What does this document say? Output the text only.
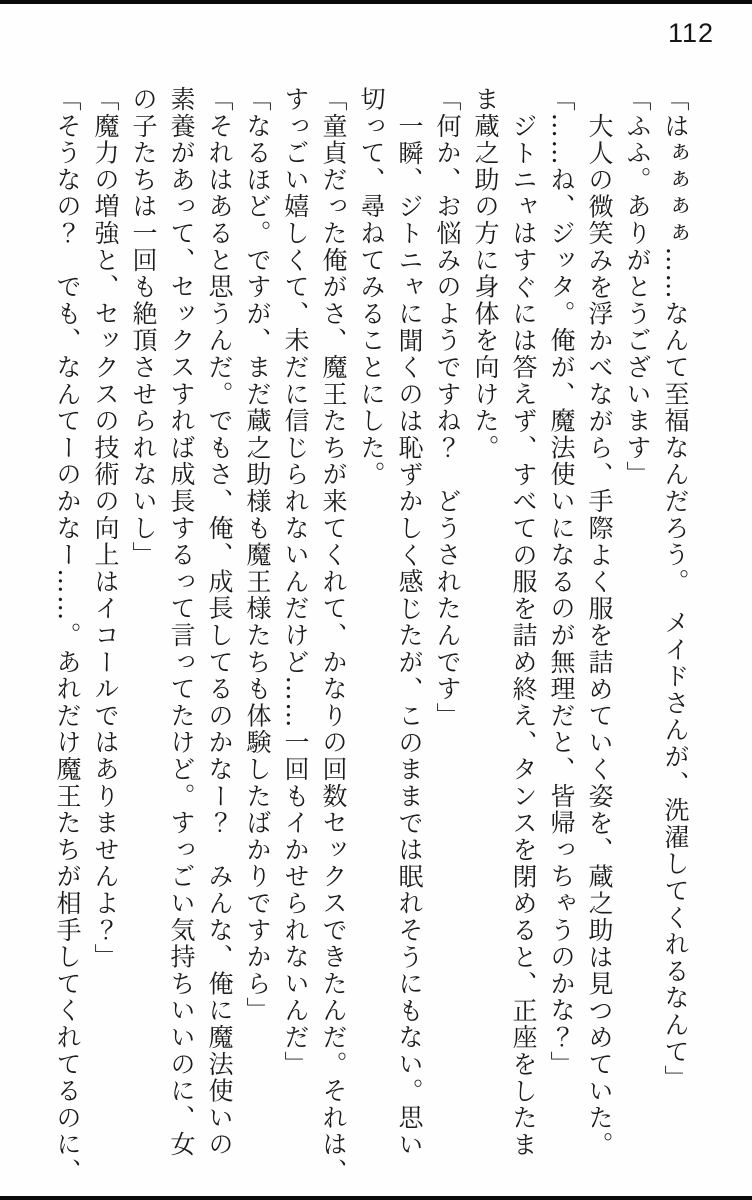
112
「はぁぁぁぁ……なんて至福なんだろう。　メイドさんが、洗濯してくれるなんて」
「ふふ。ありがとうございます」
大人の微笑みを浮かべながら、手際よく服を詰めていく姿を、蔵之助は見つめていた。
「……ね、ジッタ。俺が、魔法使いになるのが無理だと、皆帰っちゃうのかな？」
ジトニャはすぐには答えず、すべての服を詰め終え、タンスを閉めると、正座をしたま
ま蔵之助の方に身体を向けた。
「何か、お悩みのようですね？　どうされたんです」
一瞬、ジトニャに聞くのは恥ずかしく感じたが、このままでは眠れそうにもない。思い
切って、尋ねてみることにした。
「童貞だった俺がさ、魔王たちが来てくれて、かなりの回数セックスできたんだ。それは、
すっごい嬉しくて、未だに信じられないんだけど……一回もイかせられないんだ」
「なるほど。ですが、まだ蔵之助様も魔王様たちも体験したばかりですから」
「それはあると思うんだ。でもさ、俺、成長してるのかなー？　みんな、俺に魔法使いの
素養があって、セックスすれば成長するって言ってたけど。すっごい気持ちいいのに、女
の子たちは一回も絶頂させられないし」
「魔力の増強と、セックスの技術の向上はイコールではありませんよ？」
「そうなの？　でも、なんてーのかなー……。あれだけ魔王たちが相手してくれてるのに、
